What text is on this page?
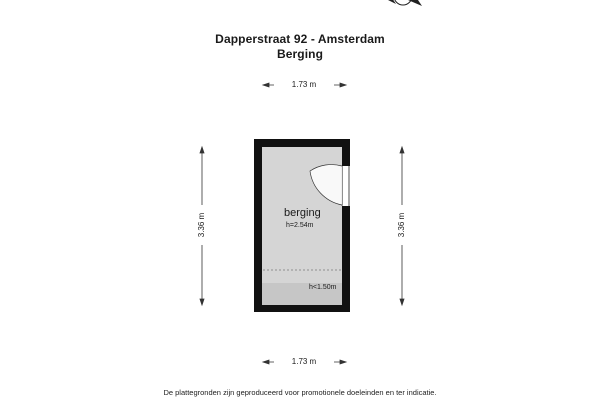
Dapperstraat 92 - Amsterdam
Berging
1.73 m
1.73 m
3.36 m	3.36 m
berging
h=2.54m
h<1.50m
De plattegronden zijn geproduceerd voor promotionele doeleinden en ter indicatie.
